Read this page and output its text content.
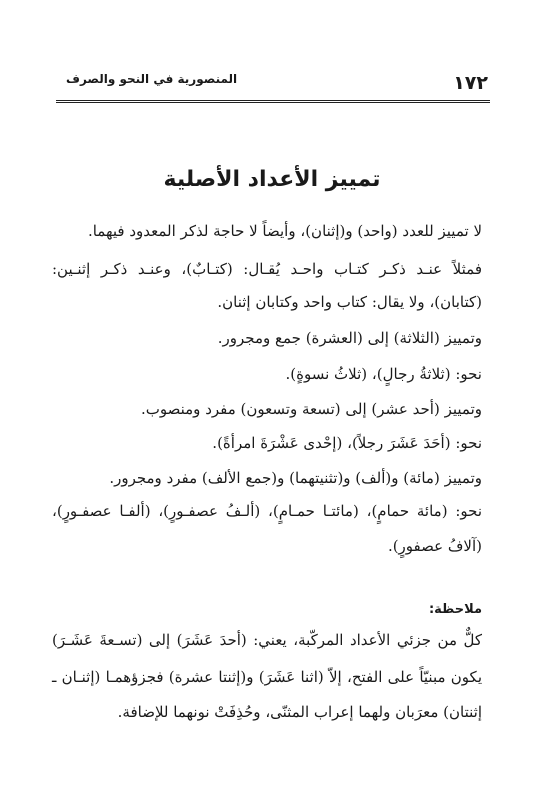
١٧٢
المنصورية في النحو والصرف
تمييز الأعداد الأصلية
لا تمييز للعدد (واحد) و(إثنان)، وأيضاً لا حاجة لذكر المعدود فيهما.
فمثلاً عنـد ذكـر كتـاب واحـد يُقـال: (كتـابٌ)، وعنـد ذكـر إثنـين:
(كتابان)، ولا يقال: كتاب واحد وكتابان إثنان.
وتمييز (الثلاثة) إلى (العشرة) جمع ومجرور.
نحو: (ثلاثةُ رجالٍ)، (ثلاثُ نسوةٍ).
وتمييز (أحد عشر) إلى (تسعة وتسعون) مفرد ومنصوب.
نحو: (أحَدَ عَشَرَ رجلاً)، (إحْدى عَشْرَةَ امرأةً).
وتمييز (مائة) و(ألف) و(تثنيتهما) و(جمع الألف) مفرد ومجرور.
نحو: (مائة حمامٍ)، (مائتـا حمـامٍ)، (ألـفُ عصفـورٍ)، (ألفـا عصفـورٍ)،
(آلافُ عصفورٍ).
ملاحظة:
كلٌّ من جزئي الأعداد المركّبة، يعني: (أحدَ عَشَرَ) إلى (تسـعةَ عَشَـرَ)
يكون مبنيّاً على الفتح، إلاّ (اثنا عَشَرَ) و(إثنتا عشرة) فجزؤهمـا (إثنـان ـ
إثنتان) معرَبان ولهما إعراب المثنّى، وحُذِفَتْ نونهما للإضافة.
